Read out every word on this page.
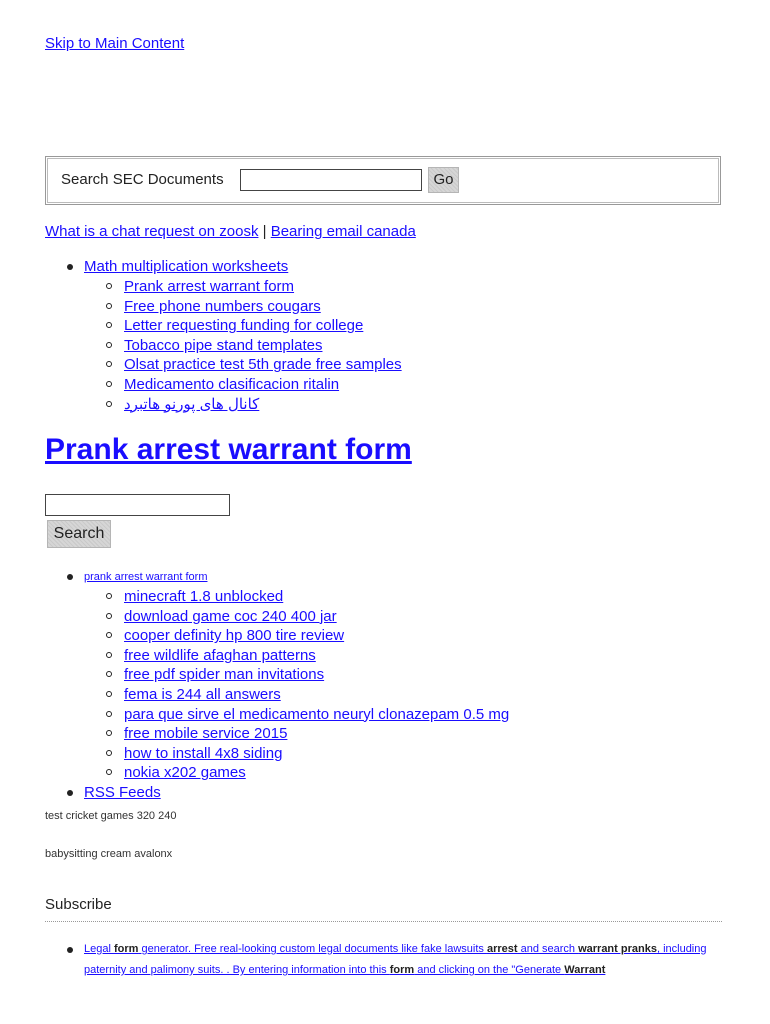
Skip to Main Content
Search SEC Documents	Go
What is a chat request on zoosk | Bearing email canada
Math multiplication worksheets
Prank arrest warrant form
Free phone numbers cougars
Letter requesting funding for college
Tobacco pipe stand templates
Olsat practice test 5th grade free samples
Medicamento clasificacion ritalin
کانال های پورنو هاتبرد
Prank arrest warrant form
Search
prank arrest warrant form
minecraft 1.8 unblocked
download game coc 240 400 jar
cooper definity hp 800 tire review
free wildlife afaghan patterns
free pdf spider man invitations
fema is 244 all answers
para que sirve el medicamento neuryl clonazepam 0.5 mg
free mobile service 2015
how to install 4x8 siding
nokia x202 games
RSS Feeds

test cricket games 320 240

babysitting cream avalonx

Subscribe
Legal form generator. Free real-looking custom legal documents like fake lawsuits arrest and search warrant pranks, including paternity and palimony suits. . By entering information into this form and clicking on the "Generate Warrant
